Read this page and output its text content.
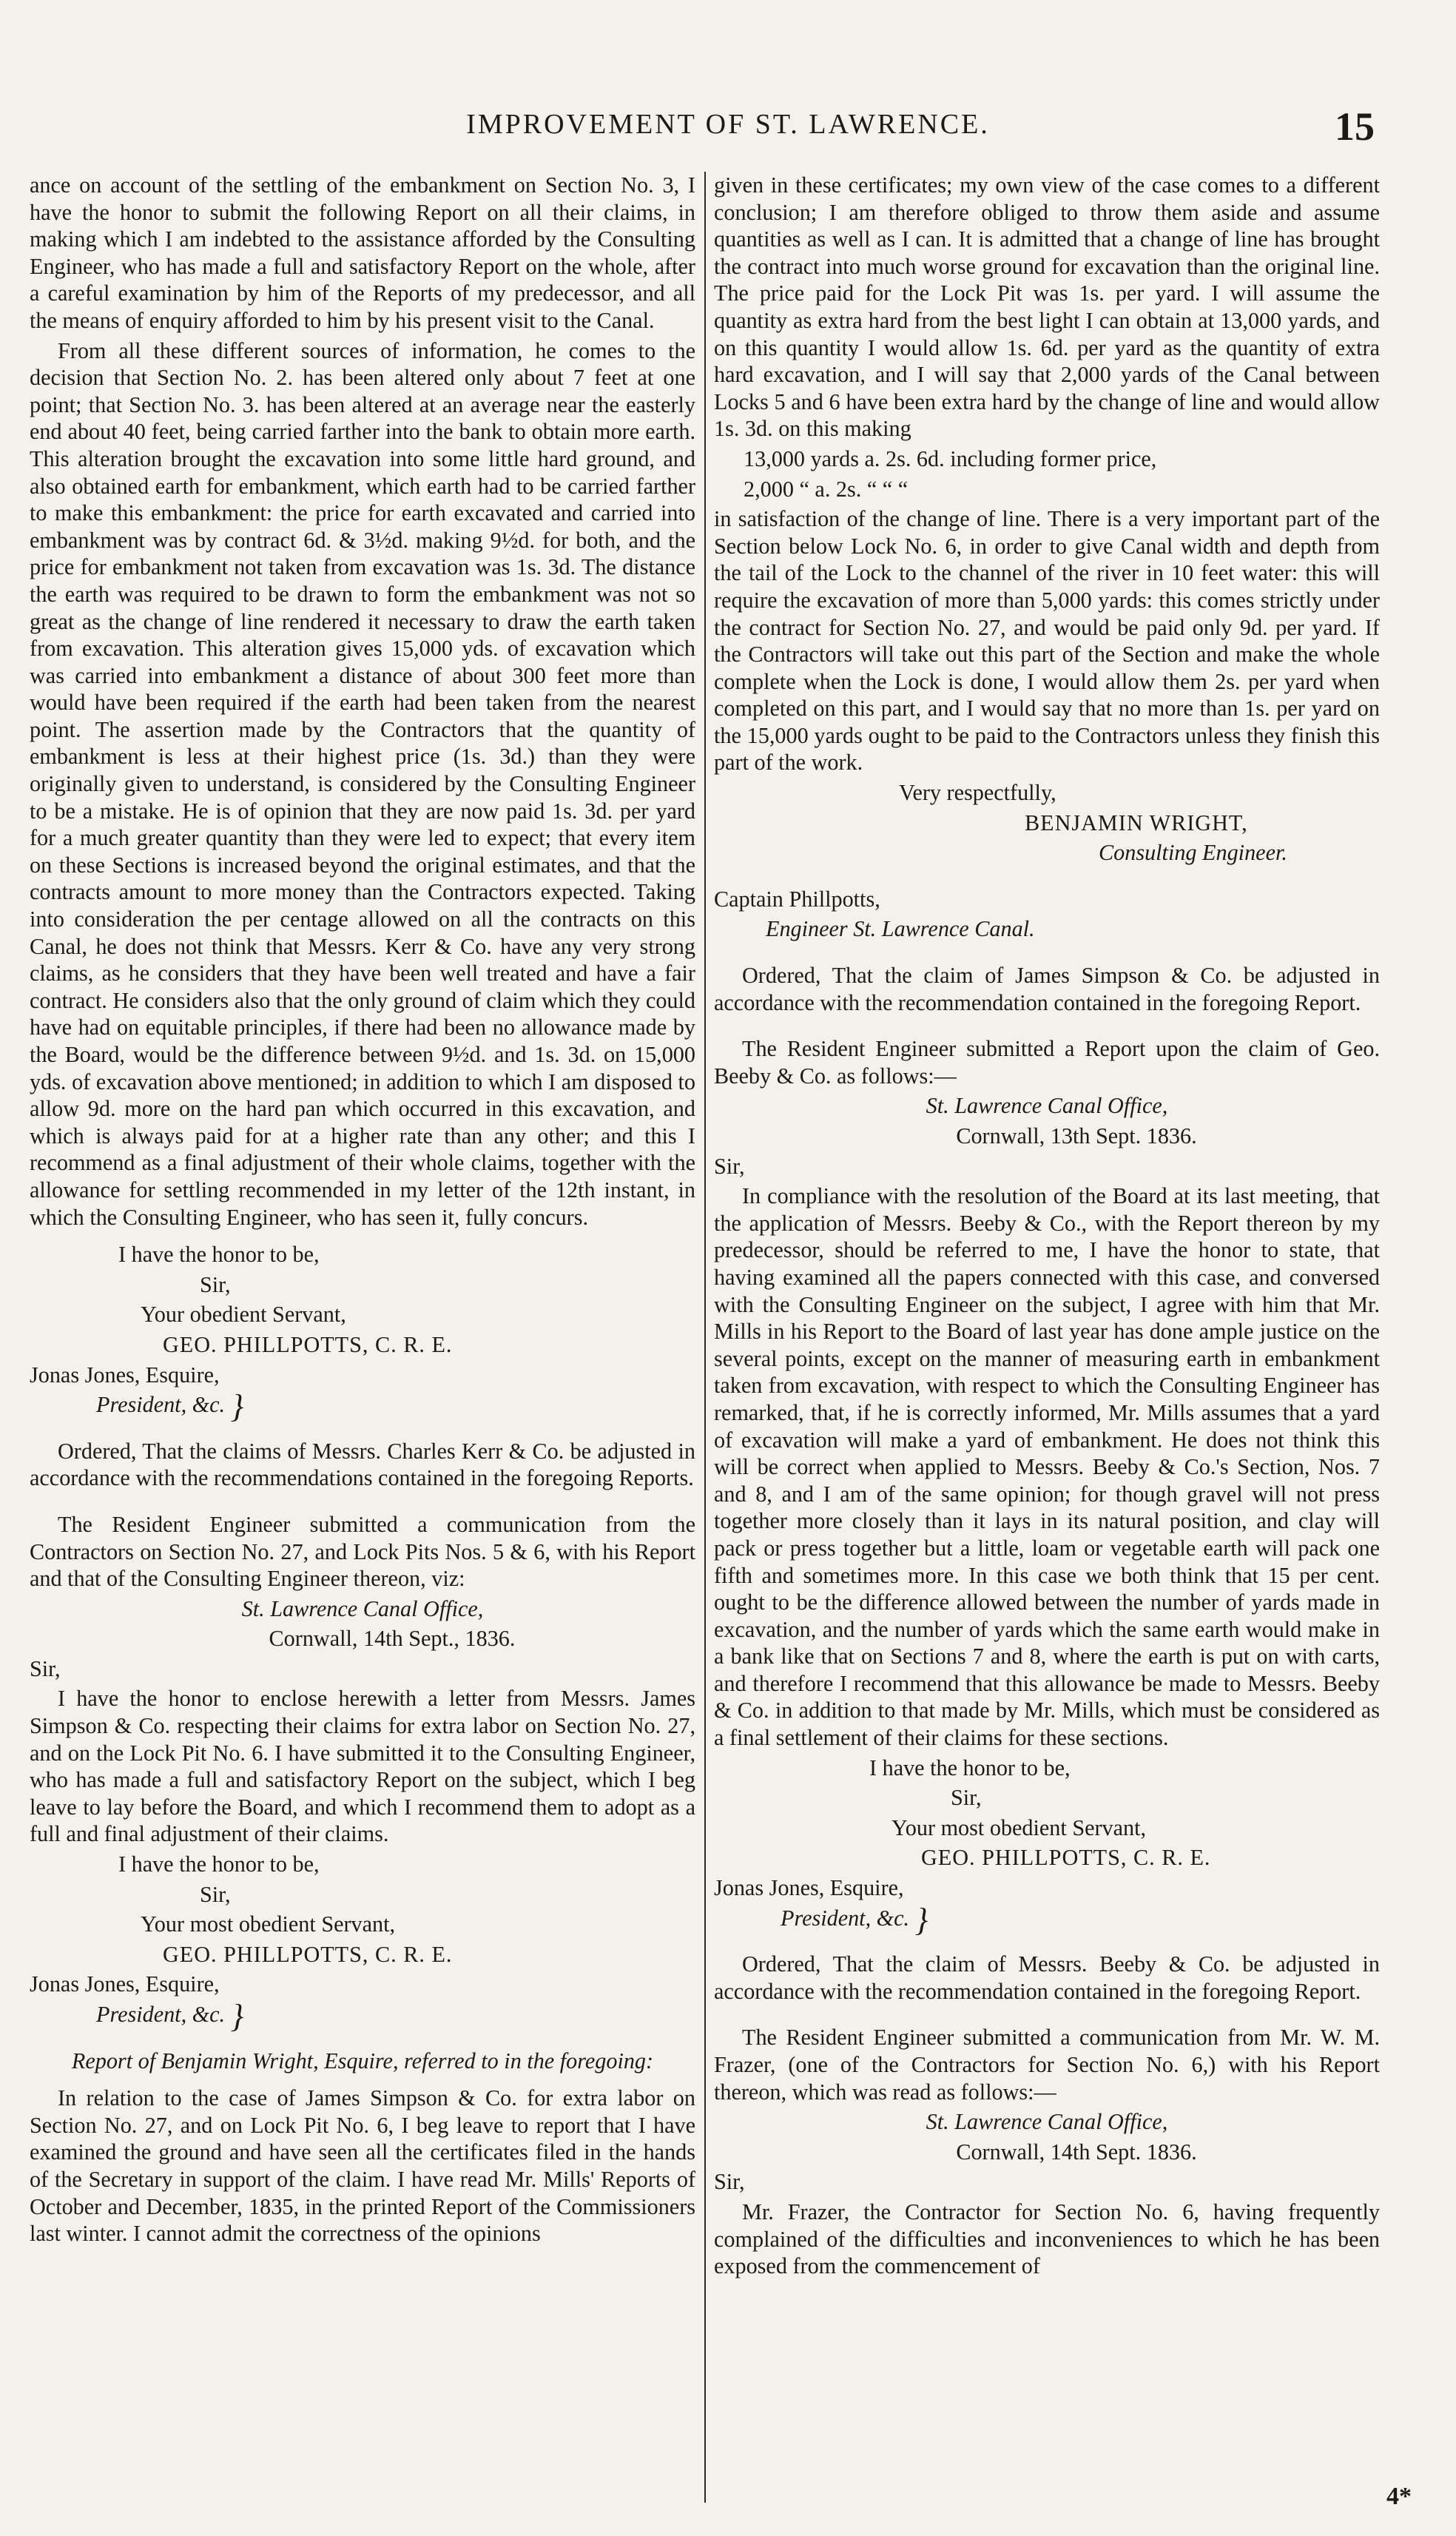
IMPROVEMENT OF ST. LAWRENCE.	15

ance on account of the settling of the embankment on Section No. 3, I have the honor to submit the following Report on all their claims, in making which I am indebted to the assistance afforded by the Consulting Engineer, who has made a full and satisfactory Report on the whole, after a careful examination by him of the Reports of my predecessor, and all the means of enquiry afforded to him by his present visit to the Canal.

From all these different sources of information, he comes to the decision that Section No. 2. has been altered only about 7 feet at one point; that Section No. 3. has been altered at an average near the easterly end about 40 feet, being carried farther into the bank to obtain more earth. This alteration brought the excavation into some little hard ground, and also obtained earth for embankment, which earth had to be carried farther to make this embankment: the price for earth excavated and carried into embankment was by contract 6d. & 3½d. making 9½d. for both, and the price for embankment not taken from excavation was 1s. 3d. The distance the earth was required to be drawn to form the embankment was not so great as the change of line rendered it necessary to draw the earth taken from excavation. This alteration gives 15,000 yds. of excavation which was carried into embankment a distance of about 300 feet more than would have been required if the earth had been taken from the nearest point. The assertion made by the Contractors that the quantity of embankment is less at their highest price (1s. 3d.) than they were originally given to understand, is considered by the Consulting Engineer to be a mistake. He is of opinion that they are now paid 1s. 3d. per yard for a much greater quantity than they were led to expect; that every item on these Sections is increased beyond the original estimates, and that the contracts amount to more money than the Contractors expected. Taking into consideration the per centage allowed on all the contracts on this Canal, he does not think that Messrs. Kerr & Co. have any very strong claims, as he considers that they have been well treated and have a fair contract. He considers also that the only ground of claim which they could have had on equitable principles, if there had been no allowance made by the Board, would be the difference between 9½d. and 1s. 3d. on 15,000 yds. of excavation above mentioned; in addition to which I am disposed to allow 9d. more on the hard pan which occurred in this excavation, and which is always paid for at a higher rate than any other; and this I recommend as a final adjustment of their whole claims, together with the allowance for settling recommended in my letter of the 12th instant, in which the Consulting Engineer, who has seen it, fully concurs.

I have the honor to be,

Sir,

Your obedient Servant,

GEO. PHILLPOTTS, C. R. E.

Jonas Jones, Esquire,

President, &c. }

Ordered, That the claims of Messrs. Charles Kerr & Co. be adjusted in accordance with the recommendations contained in the foregoing Reports.

The Resident Engineer submitted a communication from the Contractors on Section No. 27, and Lock Pits Nos. 5 & 6, with his Report and that of the Consulting Engineer thereon, viz:

St. Lawrence Canal Office,

Cornwall, 14th Sept., 1836.

Sir,

I have the honor to enclose herewith a letter from Messrs. James Simpson & Co. respecting their claims for extra labor on Section No. 27, and on the Lock Pit No. 6. I have submitted it to the Consulting Engineer, who has made a full and satisfactory Report on the subject, which I beg leave to lay before the Board, and which I recommend them to adopt as a full and final adjustment of their claims.

I have the honor to be,

Sir,

Your most obedient Servant,

GEO. PHILLPOTTS, C. R. E.

Jonas Jones, Esquire,

President, &c. }

Report of Benjamin Wright, Esquire, referred to in the foregoing:

In relation to the case of James Simpson & Co. for extra labor on Section No. 27, and on Lock Pit No. 6, I beg leave to report that I have examined the ground and have seen all the certificates filed in the hands of the Secretary in support of the claim. I have read Mr. Mills' Reports of October and December, 1835, in the printed Report of the Commissioners last winter. I cannot admit the correctness of the opinions

given in these certificates; my own view of the case comes to a different conclusion; I am therefore obliged to throw them aside and assume quantities as well as I can. It is admitted that a change of line has brought the contract into much worse ground for excavation than the original line. The price paid for the Lock Pit was 1s. per yard. I will assume the quantity as extra hard from the best light I can obtain at 13,000 yards, and on this quantity I would allow 1s. 6d. per yard as the quantity of extra hard excavation, and I will say that 2,000 yards of the Canal between Locks 5 and 6 have been extra hard by the change of line and would allow 1s. 3d. on this making

13,000 yards a. 2s. 6d. including former price,

2,000 “ a. 2s. “ “ “

in satisfaction of the change of line. There is a very important part of the Section below Lock No. 6, in order to give Canal width and depth from the tail of the Lock to the channel of the river in 10 feet water: this will require the excavation of more than 5,000 yards: this comes strictly under the contract for Section No. 27, and would be paid only 9d. per yard. If the Contractors will take out this part of the Section and make the whole complete when the Lock is done, I would allow them 2s. per yard when completed on this part, and I would say that no more than 1s. per yard on the 15,000 yards ought to be paid to the Contractors unless they finish this part of the work.

Very respectfully,

BENJAMIN WRIGHT,

Consulting Engineer.

Captain Phillpotts,

Engineer St. Lawrence Canal.

Ordered, That the claim of James Simpson & Co. be adjusted in accordance with the recommendation contained in the foregoing Report.

The Resident Engineer submitted a Report upon the claim of Geo. Beeby & Co. as follows:—

St. Lawrence Canal Office,

Cornwall, 13th Sept. 1836.

Sir,

In compliance with the resolution of the Board at its last meeting, that the application of Messrs. Beeby & Co., with the Report thereon by my predecessor, should be referred to me, I have the honor to state, that having examined all the papers connected with this case, and conversed with the Consulting Engineer on the subject, I agree with him that Mr. Mills in his Report to the Board of last year has done ample justice on the several points, except on the manner of measuring earth in embankment taken from excavation, with respect to which the Consulting Engineer has remarked, that, if he is correctly informed, Mr. Mills assumes that a yard of excavation will make a yard of embankment. He does not think this will be correct when applied to Messrs. Beeby & Co.'s Section, Nos. 7 and 8, and I am of the same opinion; for though gravel will not press together more closely than it lays in its natural position, and clay will pack or press together but a little, loam or vegetable earth will pack one fifth and sometimes more. In this case we both think that 15 per cent. ought to be the difference allowed between the number of yards made in excavation, and the number of yards which the same earth would make in a bank like that on Sections 7 and 8, where the earth is put on with carts, and therefore I recommend that this allowance be made to Messrs. Beeby & Co. in addition to that made by Mr. Mills, which must be considered as a final settlement of their claims for these sections.

I have the honor to be,

Sir,

Your most obedient Servant,

GEO. PHILLPOTTS, C. R. E.

Jonas Jones, Esquire,

President, &c. }

Ordered, That the claim of Messrs. Beeby & Co. be adjusted in accordance with the recommendation contained in the foregoing Report.

The Resident Engineer submitted a communication from Mr. W. M. Frazer, (one of the Contractors for Section No. 6,) with his Report thereon, which was read as follows:—

St. Lawrence Canal Office,

Cornwall, 14th Sept. 1836.

Sir,

Mr. Frazer, the Contractor for Section No. 6, having frequently complained of the difficulties and inconveniences to which he has been exposed from the commencement of

4*
